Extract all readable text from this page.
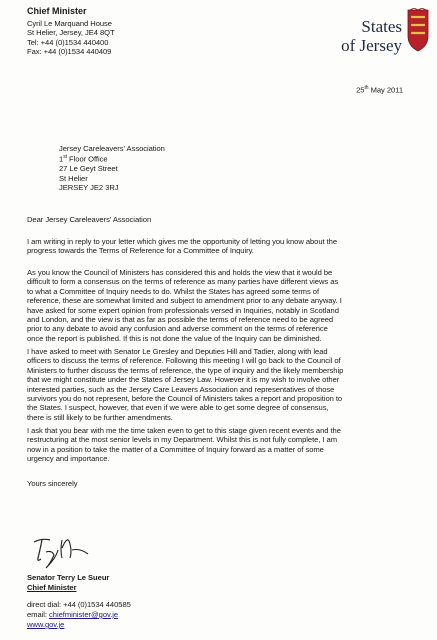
Chief Minister
Cyril Le Marquand House
St Helier, Jersey, JE4 8QT
Tel: +44 (0)1534 440400
Fax: +44 (0)1534 440409
States
of Jersey
25th May 2011
Jersey Careleavers' Association
1st Floor Office
27 Le Geyt Street
St Helier
JERSEY JE2 3RJ
Dear Jersey Careleavers' Association
I am writing in reply to your letter which gives me the opportunity of letting you know about the
progress towards the Terms of Reference for a Committee of Inquiry.
As you know the Council of Ministers has considered this and holds the view that it would be
difficult to form a consensus on the terms of reference as many parties have different views as
to what a Committee of Inquiry needs to do. Whilst the States has agreed some terms of
reference, these are somewhat limited and subject to amendment prior to any debate anyway. I
have asked for some expert opinion from professionals versed in Inquiries, notably in Scotland
and London, and the view is that as far as possible the terms of reference need to be agreed
prior to any debate to avoid any confusion and adverse comment on the terms of reference
once the report is published. If this is not done the value of the Inquiry can be diminished.
I have asked to meet with Senator Le Gresley and Deputies Hill and Tadier, along with lead
officers to discuss the terms of reference. Following this meeting I will go back to the Council of
Ministers to further discuss the terms of reference, the type of inquiry and the likely membership
that we might constitute under the States of Jersey Law. However it is my wish to involve other
interested parties, such as the Jersey Care Leavers Association and representatives of those
survivors you do not represent, before the Council of Ministers takes a report and proposition to
the States. I suspect, however, that even if we were able to get some degree of consensus,
there is still likely to be further amendments.
I ask that you bear with me the time taken even to get to this stage given recent events and the
restructuring at the most senior levels in my Department. Whilst this is not fully complete, I am
now in a position to take the matter of a Committee of Inquiry forward as a matter of some
urgency and importance.
Yours sincerely
Senator Terry Le Sueur
Chief Minister
direct dial: +44 (0)1534 440585
email: chiefminister@gov.je
www.gov.je
